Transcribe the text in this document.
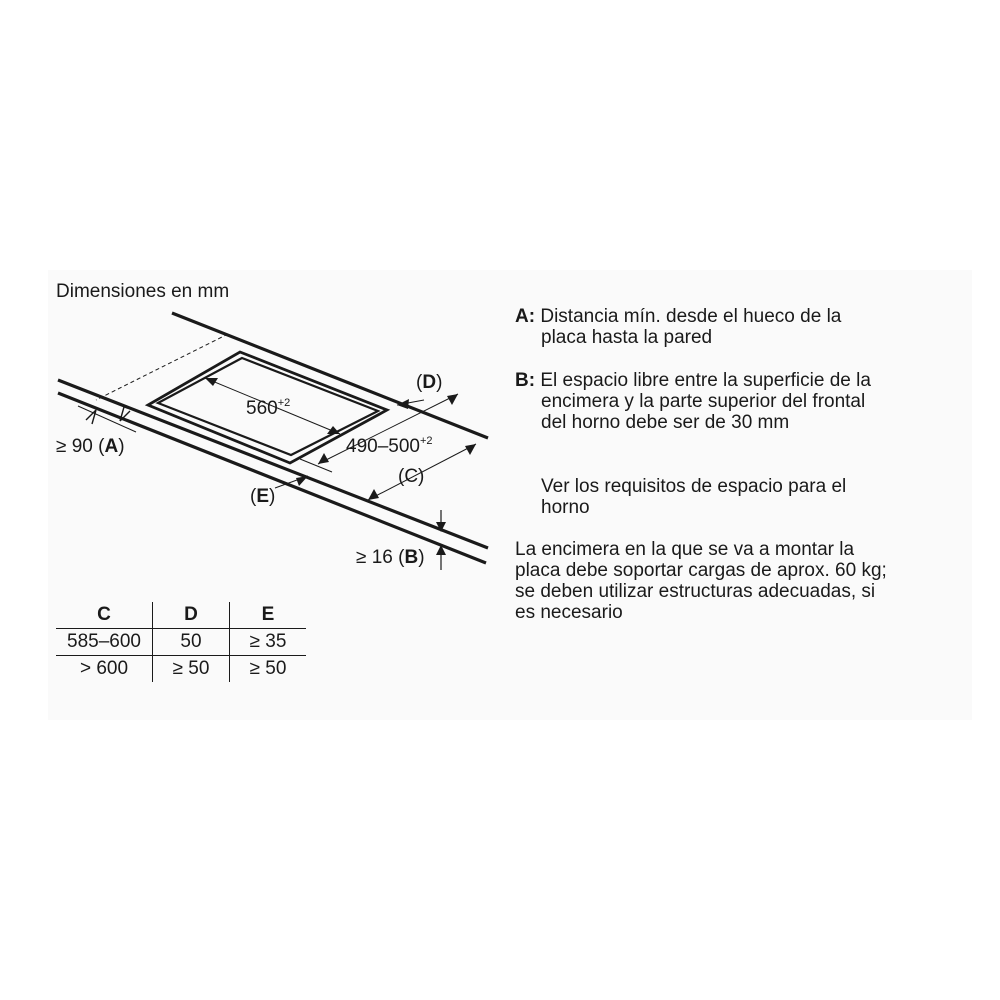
Dimensiones en mm
$560^{+2}$
$490-500^{+2}$
≥ 90 (A)
≥ 16 (B)
(C)
(D)
(E)
C	D	E
585–600	50	≥ 35
> 600	≥ 50	≥ 50
A: Distancia mín. desde el hueco de la
placa hasta la pared
B: El espacio libre entre la superficie de la
encimera y la parte superior del frontal
del horno debe ser de 30 mm
Ver los requisitos de espacio para el
horno
La encimera en la que se va a montar la
placa debe soportar cargas de aprox. 60 kg;
se deben utilizar estructuras adecuadas, si
es necesario
